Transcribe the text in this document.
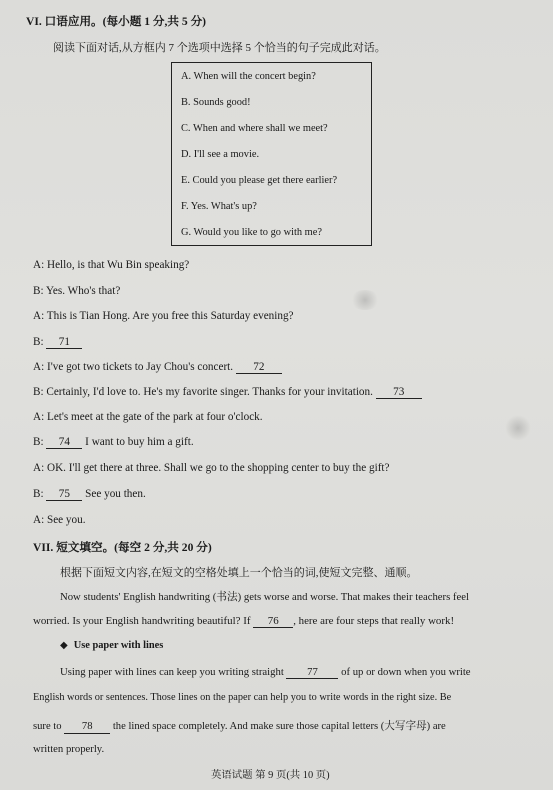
VI. 口语应用。(每小题 1 分,共 5 分)
阅读下面对话,从方框内 7 个选项中选择 5 个恰当的句子完成此对话。
A. When will the concert begin?
B. Sounds good!
C. When and where shall we meet?
D. I'll see a movie.
E. Could you please get there earlier?
F. Yes. What's up?
G. Would you like to go with me?
A: Hello, is that Wu Bin speaking?
B: Yes. Who's that?
A: This is Tian Hong. Are you free this Saturday evening?
B: 71
A: I've got two tickets to Jay Chou's concert. 72
B: Certainly, I'd love to. He's my favorite singer. Thanks for your invitation. 73
A: Let's meet at the gate of the park at four o'clock.
B: 74 I want to buy him a gift.
A: OK. I'll get there at three. Shall we go to the shopping center to buy the gift?
B: 75 See you then.
A: See you.
VII. 短文填空。(每空 2 分,共 20 分)
根据下面短文内容,在短文的空格处填上一个恰当的词,使短文完整、通顺。
Now students' English handwriting (书法) gets worse and worse. That makes their teachers feel
worried. Is your English handwriting beautiful? If 76 , here are four steps that really work!
◆ Use paper with lines
Using paper with lines can keep you writing straight 77 of up or down when you write
English words or sentences. Those lines on the paper can help you to write words in the right size. Be
sure to 78 the lined space completely. And make sure those capital letters (大写字母) are
written properly.
英语试题 第 9 页(共 10 页)
